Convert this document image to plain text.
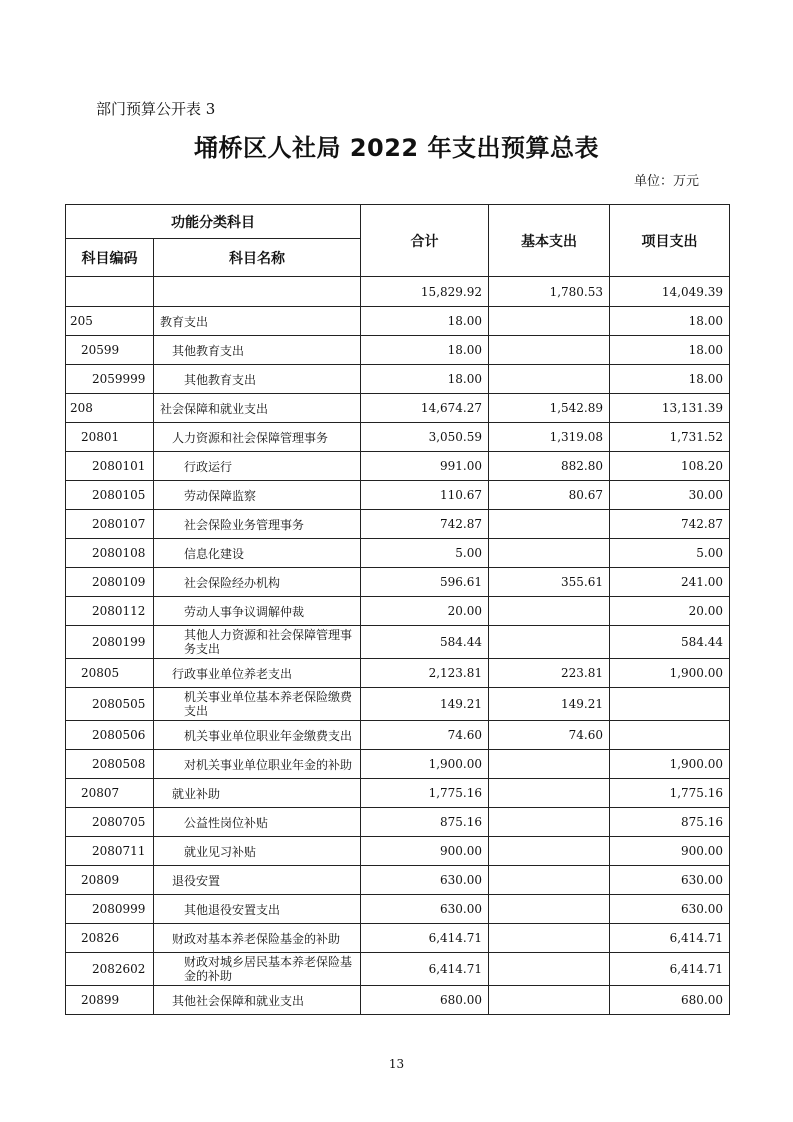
部门预算公开表 3
埇桥区人社局 2022 年支出预算总表
单位：万元
功能分类科目		合计	基本支出	项目支出
科目编码	科目名称			
		15,829.92	1,780.53	14,049.39
205	教育支出	18.00		18.00
20599	其他教育支出	18.00		18.00
2059999	其他教育支出	18.00		18.00
208	社会保障和就业支出	14,674.27	1,542.89	13,131.39
20801	人力资源和社会保障管理事务	3,050.59	1,319.08	1,731.52
2080101	行政运行	991.00	882.80	108.20
2080105	劳动保障监察	110.67	80.67	30.00
2080107	社会保险业务管理事务	742.87		742.87
2080108	信息化建设	5.00		5.00
2080109	社会保险经办机构	596.61	355.61	241.00
2080112	劳动人事争议调解仲裁	20.00		20.00
2080199	其他人力资源和社会保障管理事务支出	584.44		584.44
20805	行政事业单位养老支出	2,123.81	223.81	1,900.00
2080505	机关事业单位基本养老保险缴费支出	149.21	149.21	
2080506	机关事业单位职业年金缴费支出	74.60	74.60	
2080508	对机关事业单位职业年金的补助	1,900.00		1,900.00
20807	就业补助	1,775.16		1,775.16
2080705	公益性岗位补贴	875.16		875.16
2080711	就业见习补贴	900.00		900.00
20809	退役安置	630.00		630.00
2080999	其他退役安置支出	630.00		630.00
20826	财政对基本养老保险基金的补助	6,414.71		6,414.71
2082602	财政对城乡居民基本养老保险基金的补助	6,414.71		6,414.71
20899	其他社会保障和就业支出	680.00		680.00
13
